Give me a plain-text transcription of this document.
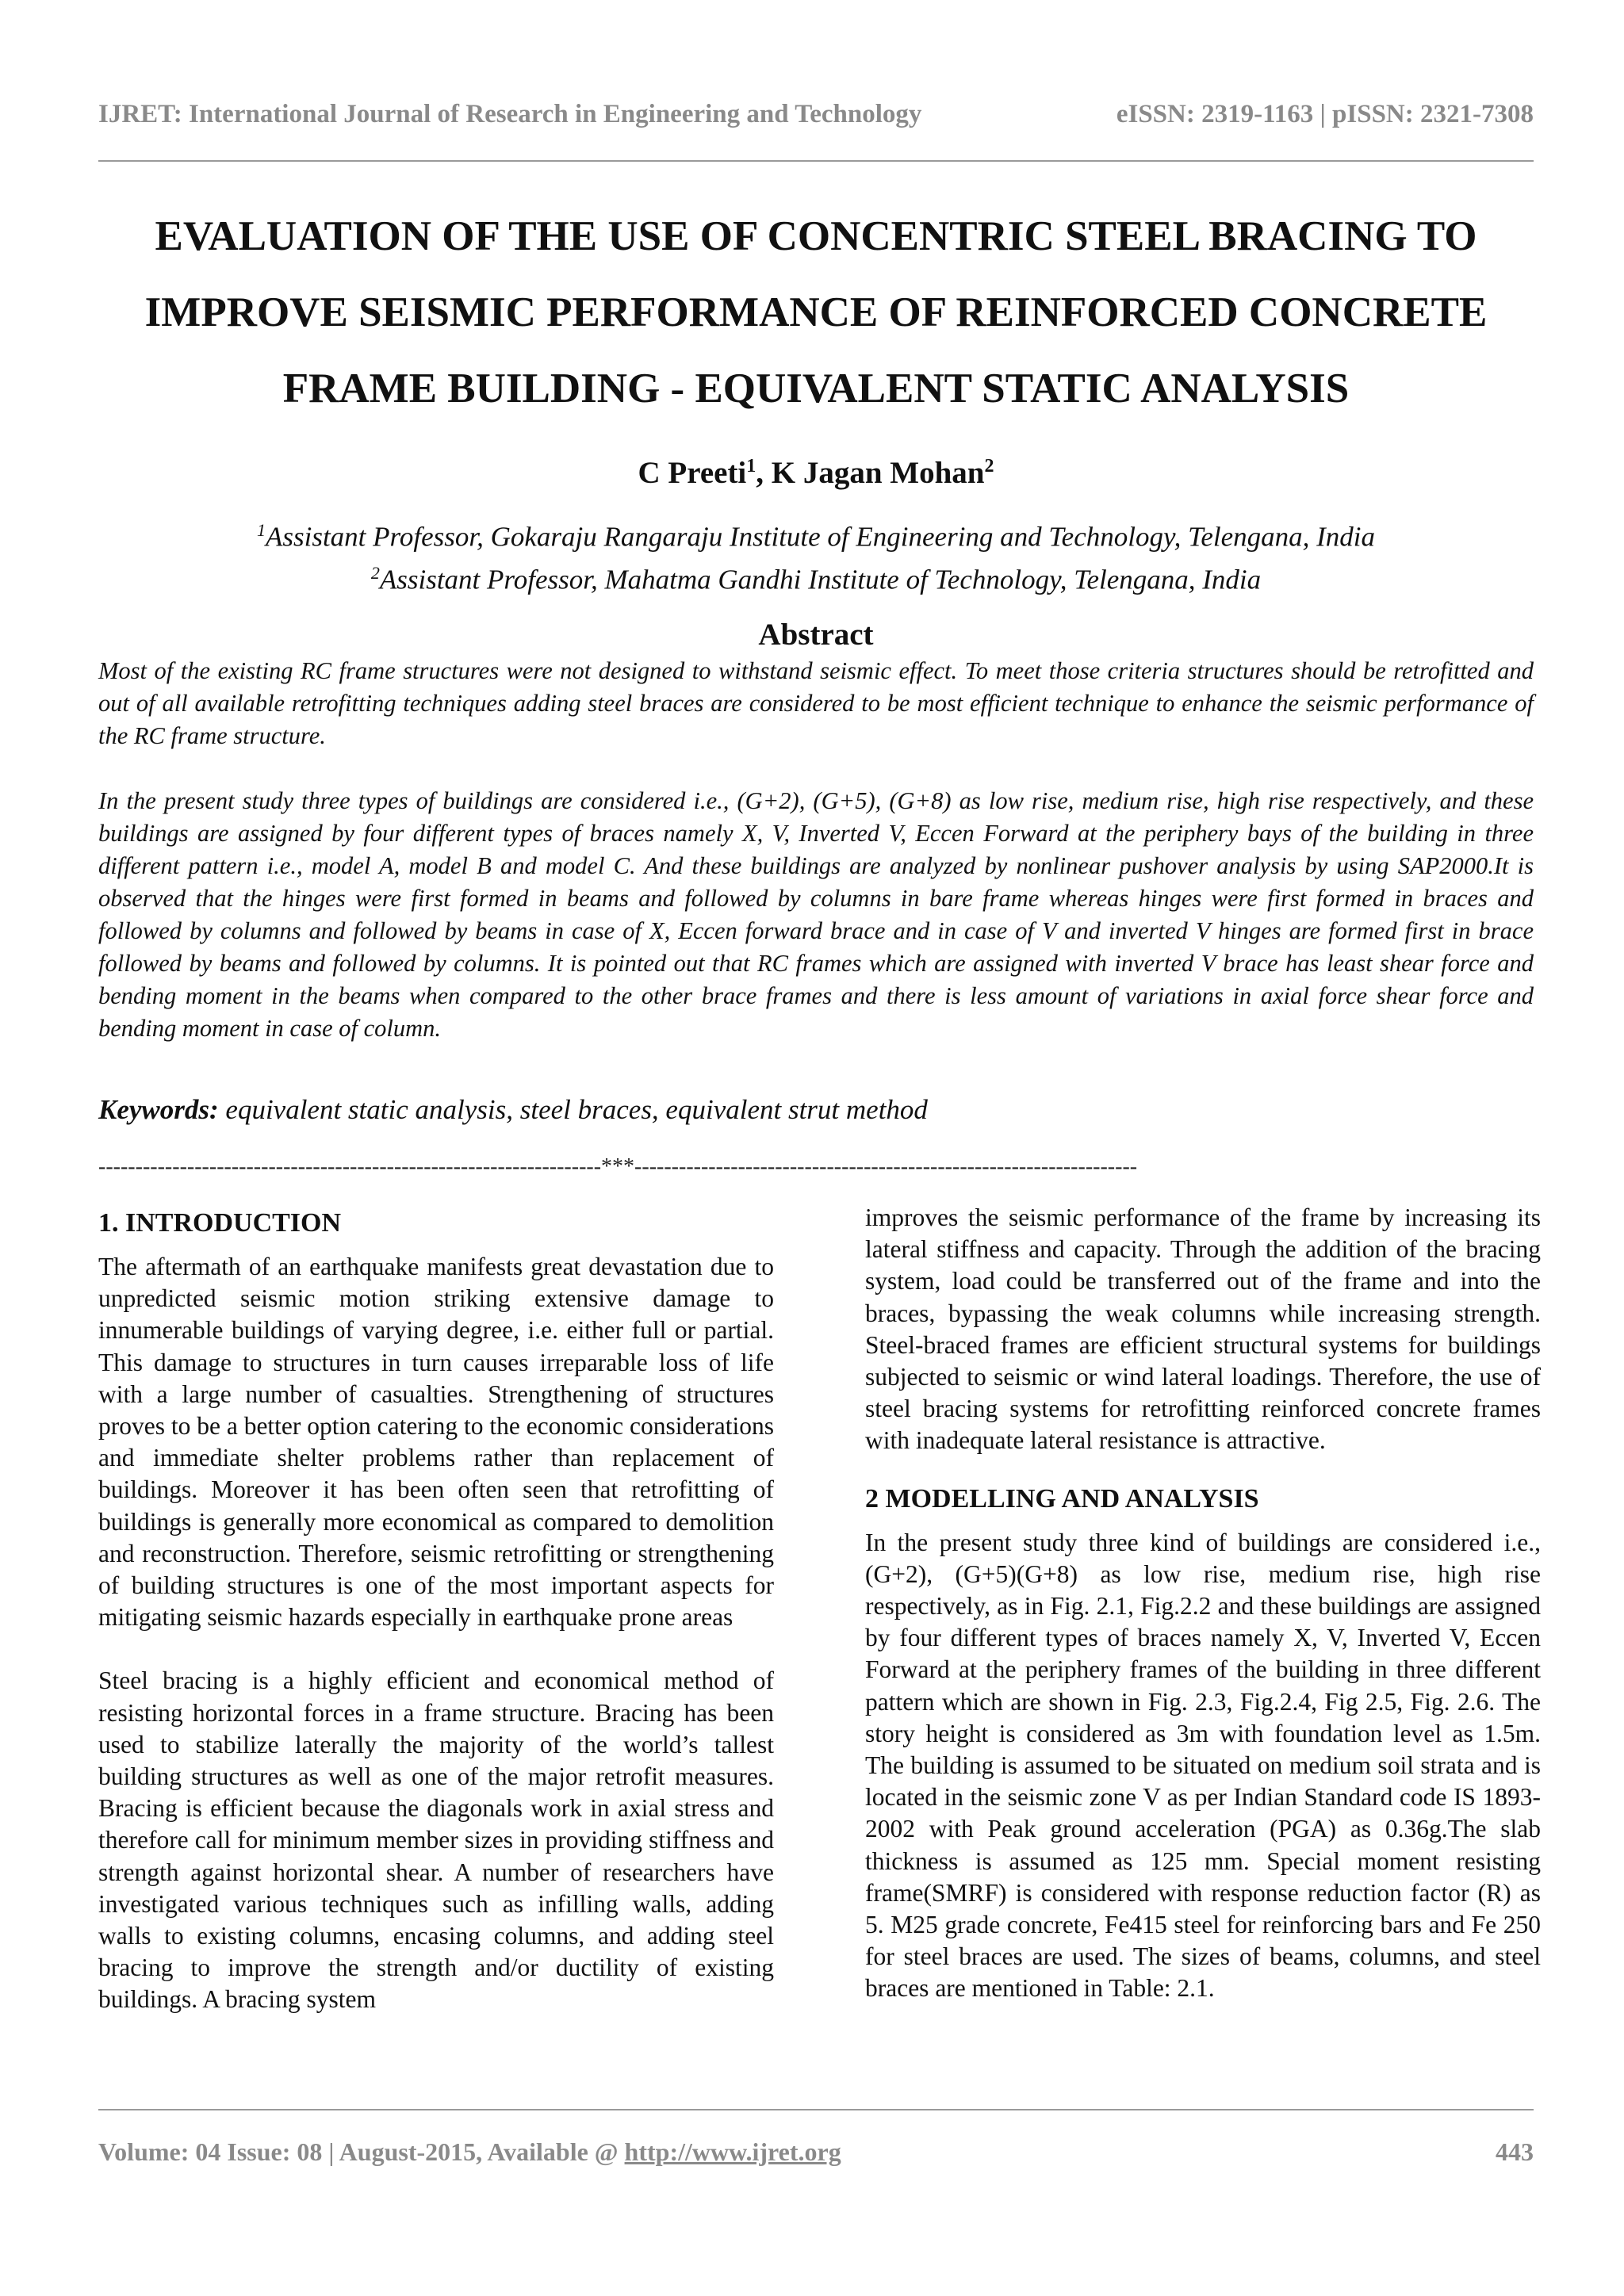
IJRET: International Journal of Research in Engineering and Technology	eISSN: 2319-1163 | pISSN: 2321-7308
EVALUATION OF THE USE OF CONCENTRIC STEEL BRACING TO
IMPROVE SEISMIC PERFORMANCE OF REINFORCED CONCRETE
FRAME BUILDING - EQUIVALENT STATIC ANALYSIS
C Preeti$^1$, K Jagan Mohan$^2$
$^1$Assistant Professor, Gokaraju Rangaraju Institute of Engineering and Technology, Telengana, India
$^2$Assistant Professor, Mahatma Gandhi Institute of Technology, Telengana, India
Abstract

Most of the existing RC frame structures were not designed to withstand seismic effect. To meet those criteria structures should be retrofitted and out of all available retrofitting techniques adding steel braces are considered to be most efficient technique to enhance the seismic performance of the RC frame structure.

In the present study three types of buildings are considered i.e., (G+2), (G+5), (G+8) as low rise, medium rise, high rise respectively, and these buildings are assigned by four different types of braces namely X, V, Inverted V, Eccen Forward at the periphery bays of the building in three different pattern i.e., model A, model B and model C. And these buildings are analyzed by nonlinear pushover analysis by using SAP2000.It is observed that the hinges were first formed in beams and followed by columns in bare frame whereas hinges were first formed in braces and followed by columns and followed by beams in case of X, Eccen forward brace and in case of V and inverted V hinges are formed first in brace followed by beams and followed by columns. It is pointed out that RC frames which are assigned with inverted V brace has least shear force and bending moment in the beams when compared to the other brace frames and there is less amount of variations in axial force shear force and bending moment in case of column.

Keywords: equivalent static analysis, steel braces, equivalent strut method
--------------------------------------------------------------------***--------------------------------------------------------------------
1. INTRODUCTION

The aftermath of an earthquake manifests great devastation due to unpredicted seismic motion striking extensive damage to innumerable buildings of varying degree, i.e. either full or partial. This damage to structures in turn causes irreparable loss of life with a large number of casualties. Strengthening of structures proves to be a better option catering to the economic considerations and immediate shelter problems rather than replacement of buildings. Moreover it has been often seen that retrofitting of buildings is generally more economical as compared to demolition and reconstruction. Therefore, seismic retrofitting or strengthening of building structures is one of the most important aspects for mitigating seismic hazards especially in earthquake prone areas

Steel bracing is a highly efficient and economical method of resisting horizontal forces in a frame structure. Bracing has been used to stabilize laterally the majority of the world’s tallest building structures as well as one of the major retrofit measures. Bracing is efficient because the diagonals work in axial stress and therefore call for minimum member sizes in providing stiffness and strength against horizontal shear. A number of researchers have investigated various techniques such as infilling walls, adding walls to existing columns, encasing columns, and adding steel bracing to improve the strength and/or ductility of existing buildings. A bracing system

improves the seismic performance of the frame by increasing its lateral stiffness and capacity. Through the addition of the bracing system, load could be transferred out of the frame and into the braces, bypassing the weak columns while increasing strength. Steel-braced frames are efficient structural systems for buildings subjected to seismic or wind lateral loadings. Therefore, the use of steel bracing systems for retrofitting reinforced concrete frames with inadequate lateral resistance is attractive.

2 MODELLING AND ANALYSIS

In the present study three kind of buildings are considered i.e., (G+2), (G+5)(G+8) as low rise, medium rise, high rise respectively, as in Fig. 2.1, Fig.2.2 and these buildings are assigned by four different types of braces namely X, V, Inverted V, Eccen Forward at the periphery frames of the building in three different pattern which are shown in Fig. 2.3, Fig.2.4, Fig 2.5, Fig. 2.6. The story height is considered as 3m with foundation level as 1.5m. The building is assumed to be situated on medium soil strata and is located in the seismic zone V as per Indian Standard code IS 1893-2002 with Peak ground acceleration (PGA) as 0.36g.The slab thickness is assumed as 125 mm. Special moment resisting frame(SMRF) is considered with response reduction factor (R) as 5. M25 grade concrete, Fe415 steel for reinforcing bars and Fe 250 for steel braces are used. The sizes of beams, columns, and steel braces are mentioned in Table: 2.1.

Volume: 04 Issue: 08 | August-2015, Available @ http://www.ijret.org	443
